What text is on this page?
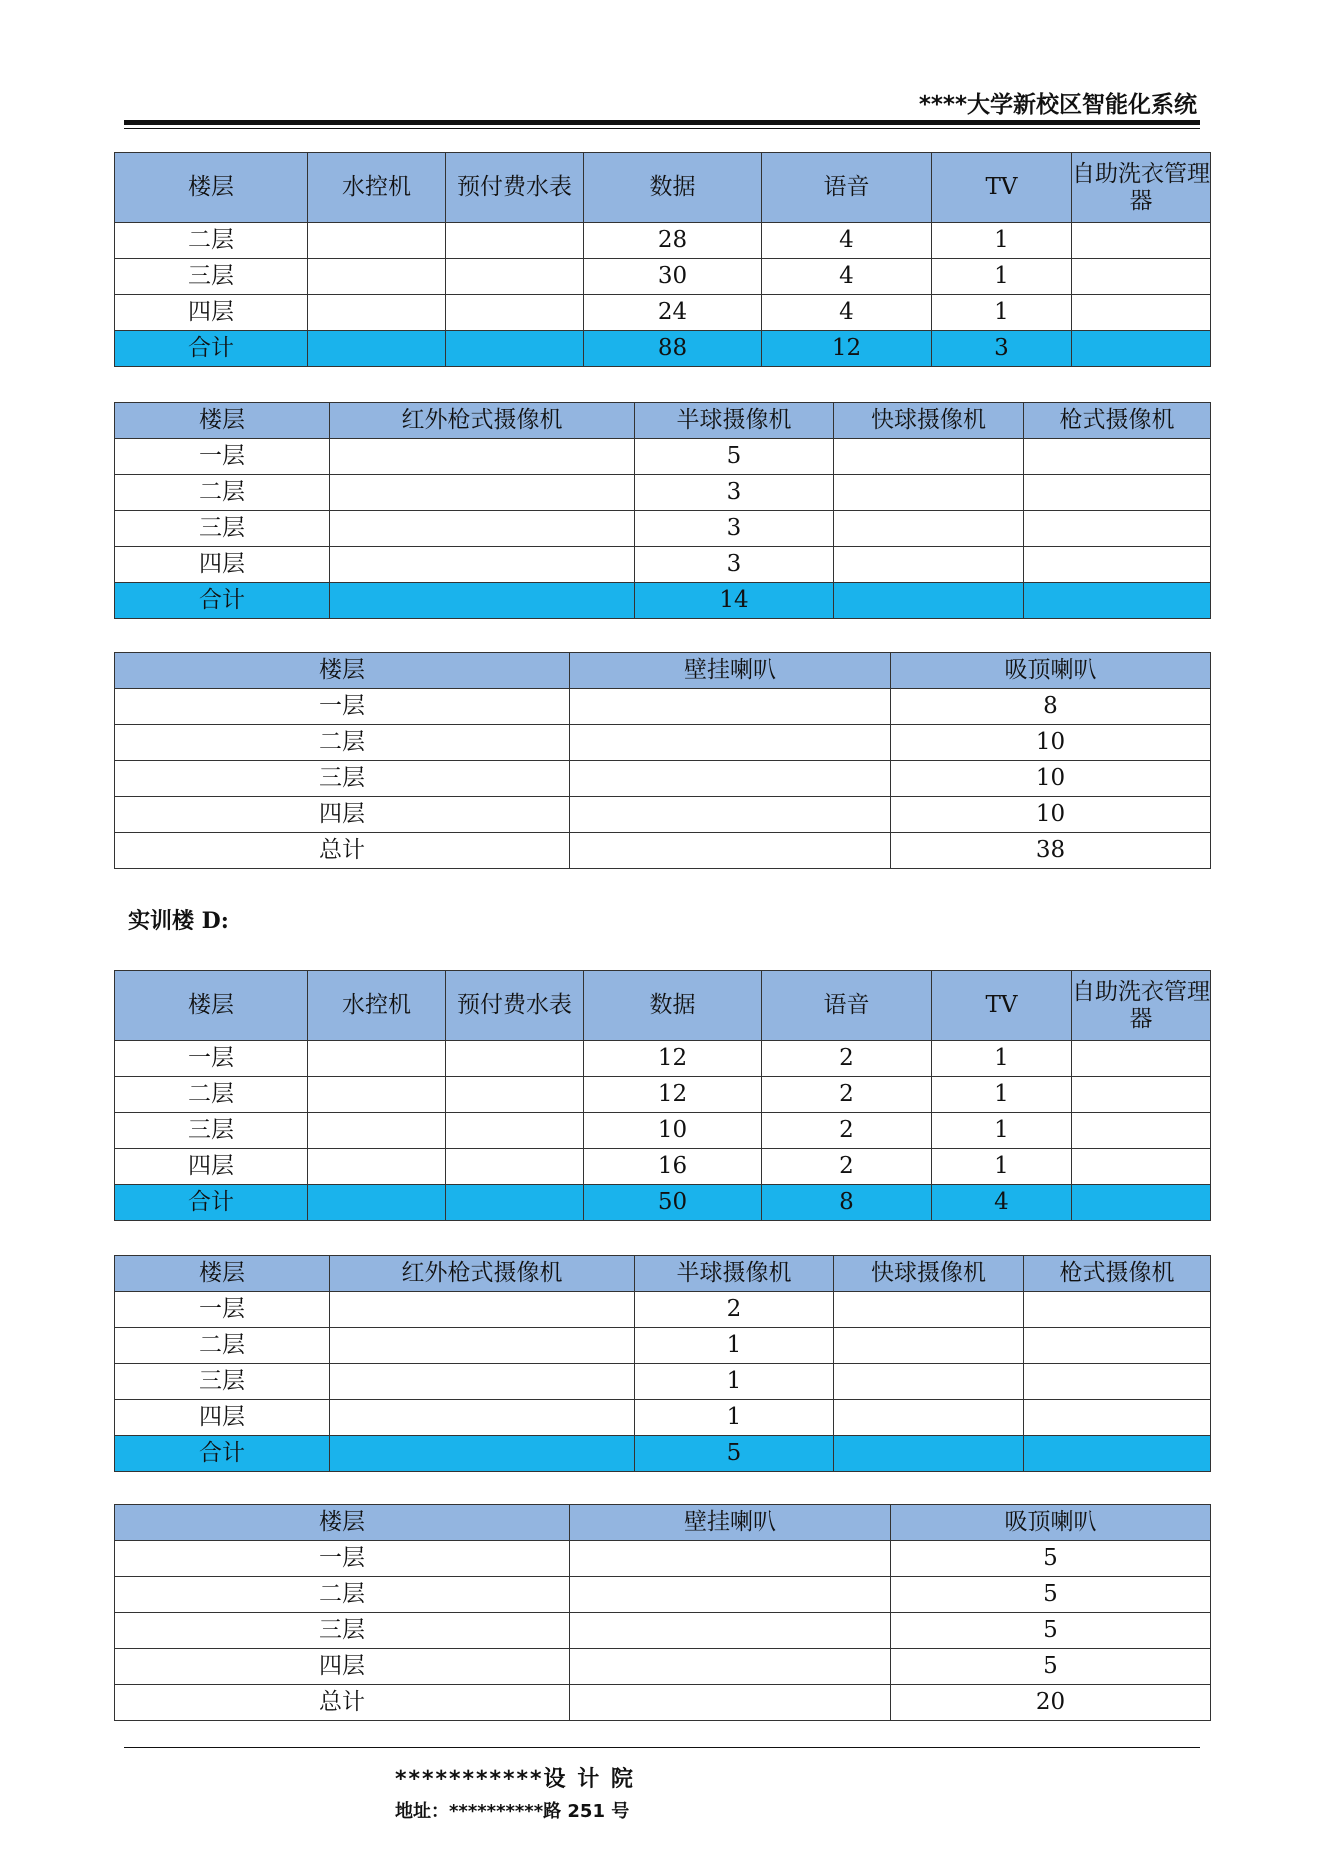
****大学新校区智能化系统
楼层	水控机	预付费水表	数据	语音	TV	自助洗衣管理器
二层			28	4	1	
三层			30	4	1	
四层			24	4	1	
合计			88	12	3	
楼层	红外枪式摄像机	半球摄像机	快球摄像机	枪式摄像机
一层		5		
二层		3		
三层		3		
四层		3		
合计		14		
楼层	壁挂喇叭	吸顶喇叭
一层		8
二层		10
三层		10
四层		10
总计		38
实训楼 D:
楼层	水控机	预付费水表	数据	语音	TV	自助洗衣管理器
一层			12	2	1	
二层			12	2	1	
三层			10	2	1	
四层			16	2	1	
合计			50	8	4	
楼层	红外枪式摄像机	半球摄像机	快球摄像机	枪式摄像机
一层		2		
二层		1		
三层		1		
四层		1		
合计		5		
楼层	壁挂喇叭	吸顶喇叭
一层		5
二层		5
三层		5
四层		5
总计		20
***********设 计 院
地址：**********路 251 号
